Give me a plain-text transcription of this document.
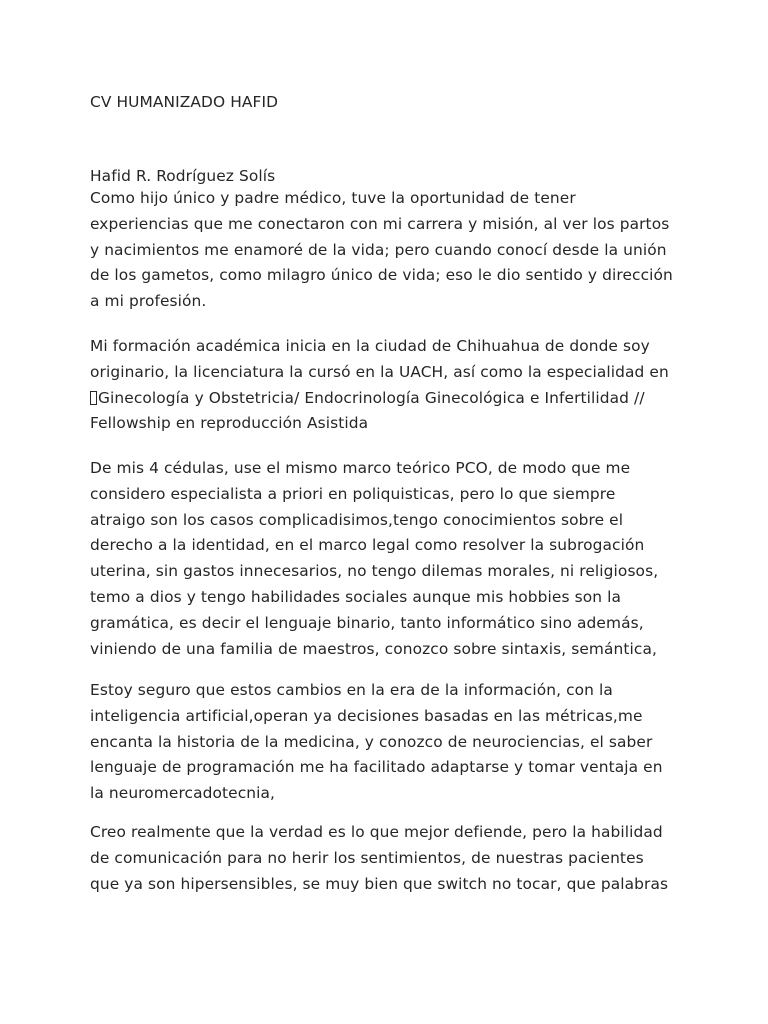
CV HUMANIZADO HAFID
Hafid R. Rodríguez Solís
Como hijo único y padre médico, tuve la oportunidad de tener
experiencias que me conectaron con mi carrera y misión, al ver los partos
y nacimientos me enamoré de la vida; pero cuando conocí desde la unión
de los gametos, como milagro único de vida; eso le dio sentido y dirección
a mi profesión.
Mi formación académica inicia en la ciudad de Chihuahua de donde soy
originario, la licenciatura la cursó en la UACH, así como la especialidad en
Ginecología y Obstetricia/ Endocrinología Ginecológica e Infertilidad //
Fellowship en reproducción Asistida
De mis 4 cédulas, use el mismo marco teórico PCO, de modo que me
considero especialista a priori en poliquisticas, pero lo que siempre
atraigo son los casos complicadisimos,tengo conocimientos sobre el
derecho a la identidad, en el marco legal como resolver la subrogación
uterina, sin gastos innecesarios, no tengo dilemas morales, ni religiosos,
temo a dios y tengo habilidades sociales aunque mis hobbies son la
gramática, es decir el lenguaje binario, tanto informático sino además,
viniendo de una familia de maestros, conozco sobre sintaxis, semántica,
Estoy seguro que estos cambios en la era de la información, con la
inteligencia artificial,operan ya decisiones basadas en las métricas,me
encanta la historia de la medicina, y conozco de neurociencias, el saber
lenguaje de programación me ha facilitado adaptarse y tomar ventaja en
la neuromercadotecnia,
Creo realmente que la verdad es lo que mejor defiende, pero la habilidad
de comunicación para no herir los sentimientos, de nuestras pacientes
que ya son hipersensibles, se muy bien que switch no tocar, que palabras
